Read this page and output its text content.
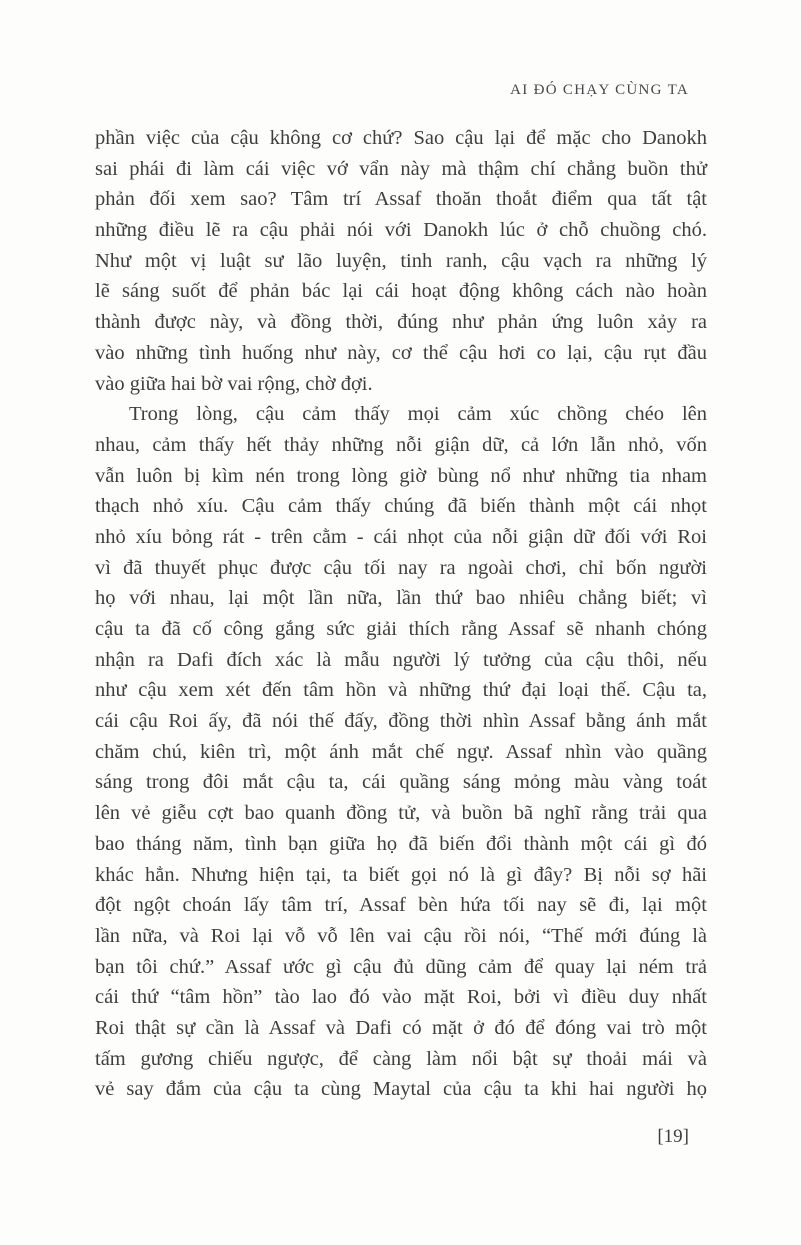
AI ĐÓ CHẠY CÙNG TA
phần việc của cậu không cơ chứ? Sao cậu lại để mặc cho Danokh
sai phái đi làm cái việc vớ vẩn này mà thậm chí chẳng buồn thử
phản đối xem sao? Tâm trí Assaf thoăn thoắt điểm qua tất tật
những điều lẽ ra cậu phải nói với Danokh lúc ở chỗ chuồng chó.
Như một vị luật sư lão luyện, tinh ranh, cậu vạch ra những lý
lẽ sáng suốt để phản bác lại cái hoạt động không cách nào hoàn
thành được này, và đồng thời, đúng như phản ứng luôn xảy ra
vào những tình huống như này, cơ thể cậu hơi co lại, cậu rụt đầu
vào giữa hai bờ vai rộng, chờ đợi.
Trong lòng, cậu cảm thấy mọi cảm xúc chồng chéo lên
nhau, cảm thấy hết thảy những nỗi giận dữ, cả lớn lẫn nhỏ, vốn
vẫn luôn bị kìm nén trong lòng giờ bùng nổ như những tia nham
thạch nhỏ xíu. Cậu cảm thấy chúng đã biến thành một cái nhọt
nhỏ xíu bỏng rát - trên cằm - cái nhọt của nỗi giận dữ đối với Roi
vì đã thuyết phục được cậu tối nay ra ngoài chơi, chỉ bốn người
họ với nhau, lại một lần nữa, lần thứ bao nhiêu chẳng biết; vì
cậu ta đã cố công gắng sức giải thích rằng Assaf sẽ nhanh chóng
nhận ra Dafi đích xác là mẫu người lý tưởng của cậu thôi, nếu
như cậu xem xét đến tâm hồn và những thứ đại loại thế. Cậu ta,
cái cậu Roi ấy, đã nói thế đấy, đồng thời nhìn Assaf bằng ánh mắt
chăm chú, kiên trì, một ánh mắt chế ngự. Assaf nhìn vào quầng
sáng trong đôi mắt cậu ta, cái quầng sáng mỏng màu vàng toát
lên vẻ giễu cợt bao quanh đồng tử, và buồn bã nghĩ rằng trải qua
bao tháng năm, tình bạn giữa họ đã biến đổi thành một cái gì đó
khác hẳn. Nhưng hiện tại, ta biết gọi nó là gì đây? Bị nỗi sợ hãi
đột ngột choán lấy tâm trí, Assaf bèn hứa tối nay sẽ đi, lại một
lần nữa, và Roi lại vỗ vỗ lên vai cậu rồi nói, “Thế mới đúng là
bạn tôi chứ.” Assaf ước gì cậu đủ dũng cảm để quay lại ném trả
cái thứ “tâm hồn” tào lao đó vào mặt Roi, bởi vì điều duy nhất
Roi thật sự cần là Assaf và Dafi có mặt ở đó để đóng vai trò một
tấm gương chiếu ngược, để càng làm nổi bật sự thoải mái và
vẻ say đắm của cậu ta cùng Maytal của cậu ta khi hai người họ
[19]
